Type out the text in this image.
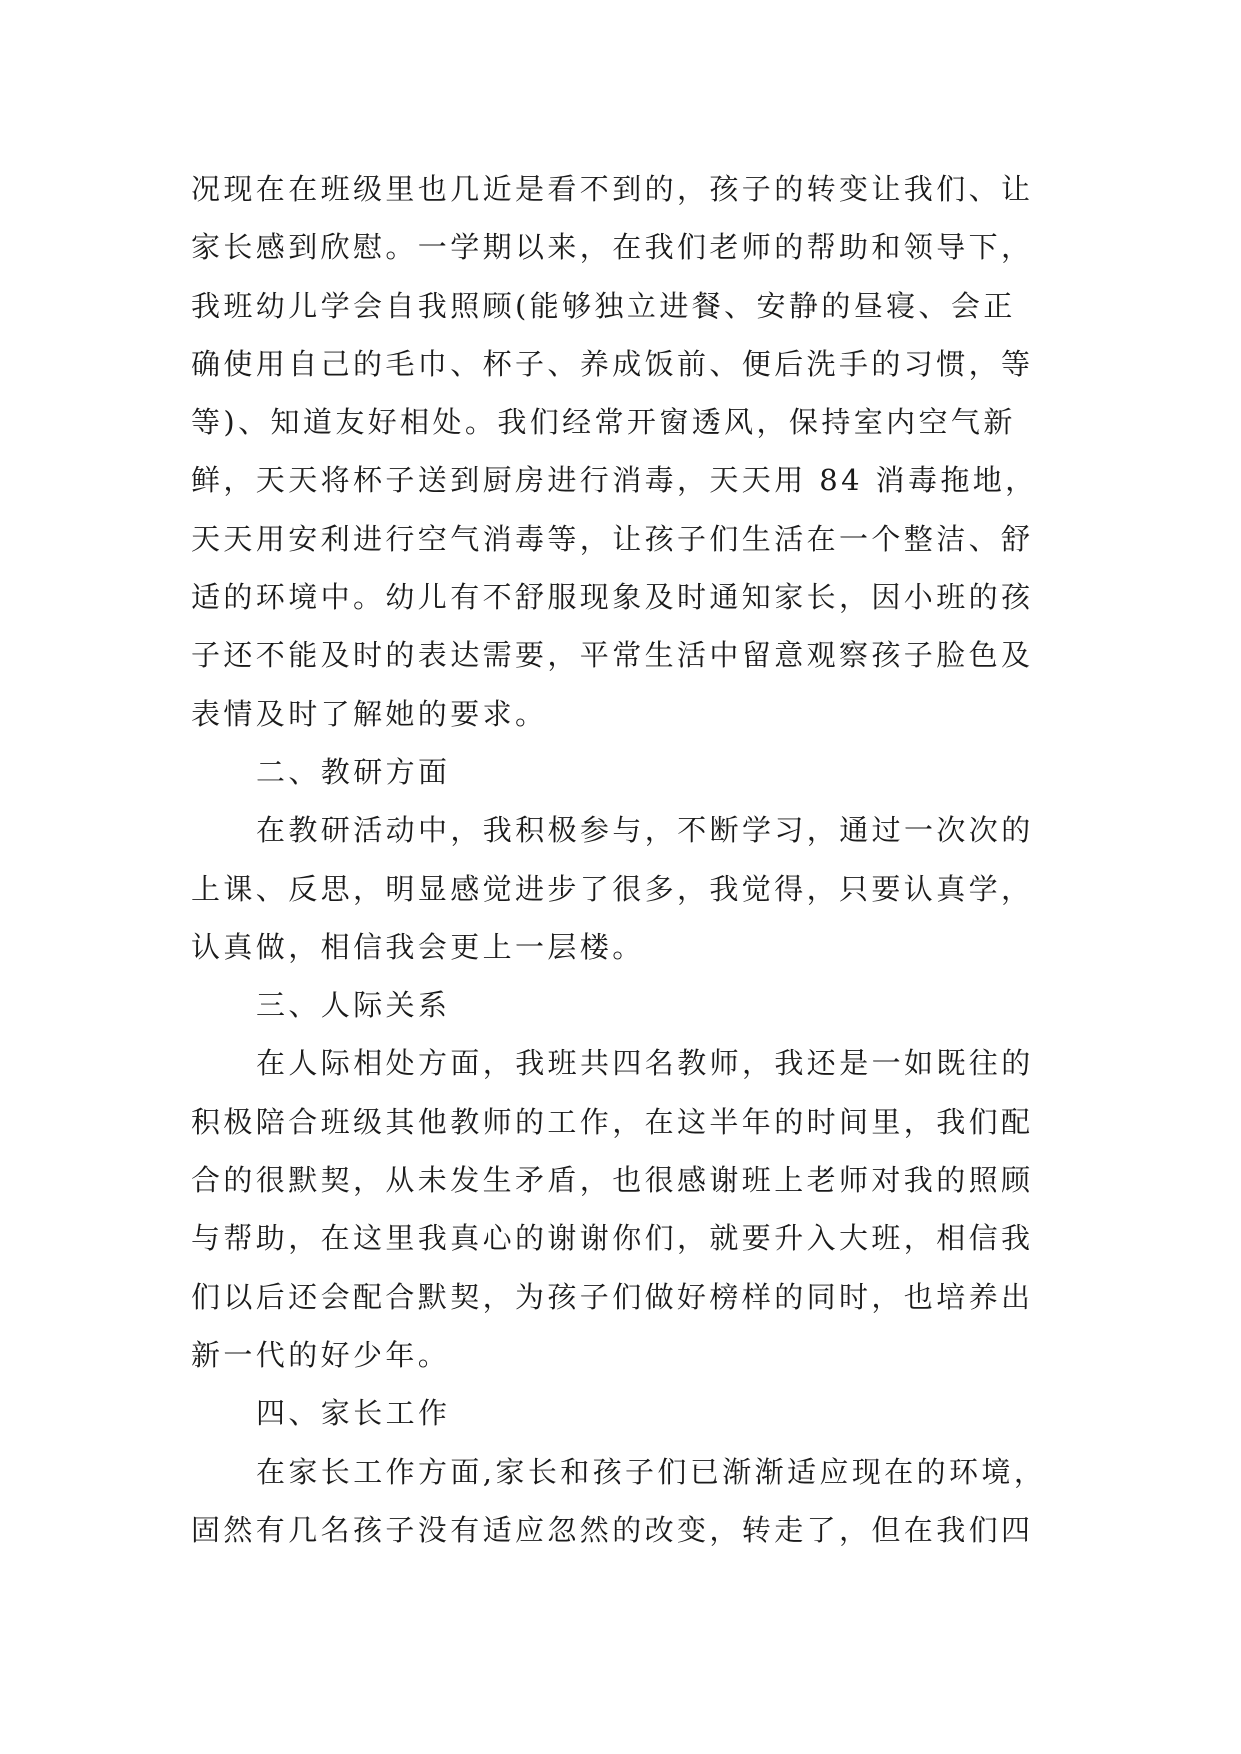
况现在在班级里也几近是看不到的，孩子的转变让我们、让
家长感到欣慰。一学期以来，在我们老师的帮助和领导下，
我班幼儿学会自我照顾(能够独立进餐、安静的昼寝、会正
确使用自己的毛巾、杯子、养成饭前、便后洗手的习惯，等
等)、知道友好相处。我们经常开窗透风，保持室内空气新
鲜，天天将杯子送到厨房进行消毒，天天用 84 消毒拖地，
天天用安利进行空气消毒等，让孩子们生活在一个整洁、舒
适的环境中。幼儿有不舒服现象及时通知家长，因小班的孩
子还不能及时的表达需要，平常生活中留意观察孩子脸色及
表情及时了解她的要求。
二、教研方面
在教研活动中，我积极参与，不断学习，通过一次次的
上课、反思，明显感觉进步了很多，我觉得，只要认真学，
认真做，相信我会更上一层楼。
三、人际关系
在人际相处方面，我班共四名教师，我还是一如既往的
积极陪合班级其他教师的工作，在这半年的时间里，我们配
合的很默契，从未发生矛盾，也很感谢班上老师对我的照顾
与帮助，在这里我真心的谢谢你们，就要升入大班，相信我
们以后还会配合默契，为孩子们做好榜样的同时，也培养出
新一代的好少年。
四、家长工作
在家长工作方面,家长和孩子们已渐渐适应现在的环境，
固然有几名孩子没有适应忽然的改变，转走了，但在我们四
